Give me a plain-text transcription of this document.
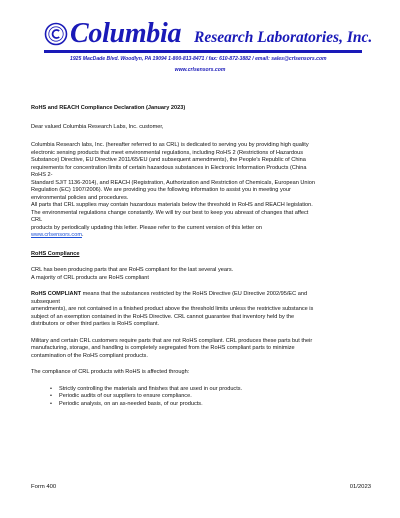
Columbia Research Laboratories, Inc.
1925 MacDade Blvd. Woodlyn, PA 19094 1-800-813-8471 / fax: 610-872-3882 / email: sales@crlsensors.com
www.crlsensors.com

RoHS and REACH Compliance Declaration (January 2023)

Dear valued Columbia Research Labs, Inc. customer,

Columbia Research labs, Inc. (hereafter referred to as CRL) is dedicated to serving you by providing high quality

electronic sensing products that meet environmental regulations, including RoHS 2 (Restrictions of Hazardous

Substance) Directive, EU Directive 2011/65/EU (and subsequent amendments), the People's Republic of China

requirements for concentration limits of certain hazardous substances in Electronic Information Products (China

RoHS 2-

Standard SJ/T 1136-2014), and REACH (Registration, Authorization and Restriction of Chemicals, European Union

Regulation (EC) 1907/2006). We are providing you the following information to assist you in meeting your

environmental policies and procedures.

All parts that CRL supplies may contain hazardous materials below the threshold in RoHS and REACH legislation.

The environmental regulations change constantly. We will try our best to keep you abreast of changes that affect

CRL

products by periodically updating this letter. Please refer to the current version of this letter on

www.crlsensors.com.

RoHS Compliance

CRL has been producing parts that are RoHS compliant for the last several years.

A majority of CRL products are RoHS compliant

RoHS COMPLIANT means that the substances restricted by the RoHS Directive (EU Directive 2002/95/EC and

subsequent

amendments), are not contained in a finished product above the threshold limits unless the restrictive substance is

subject of an exemption contained in the RoHS Directive. CRL cannot guarantee that inventory held by the

distributors or other third parties is RoHS compliant.

Military and certain CRL customers require parts that are not RoHS compliant. CRL produces these parts but their

manufacturing, storage, and handling is completely segregated from the RoHS compliant parts to minimize

contamination of the RoHS compliant products.

The compliance of CRL products with RoHS is affected through:

• Strictly controlling the materials and finishes that are used in our products.
• Periodic audits of our suppliers to ensure compliance.
• Periodic analysis, on an as-needed basis, of our products.
Form 400	01/2023
